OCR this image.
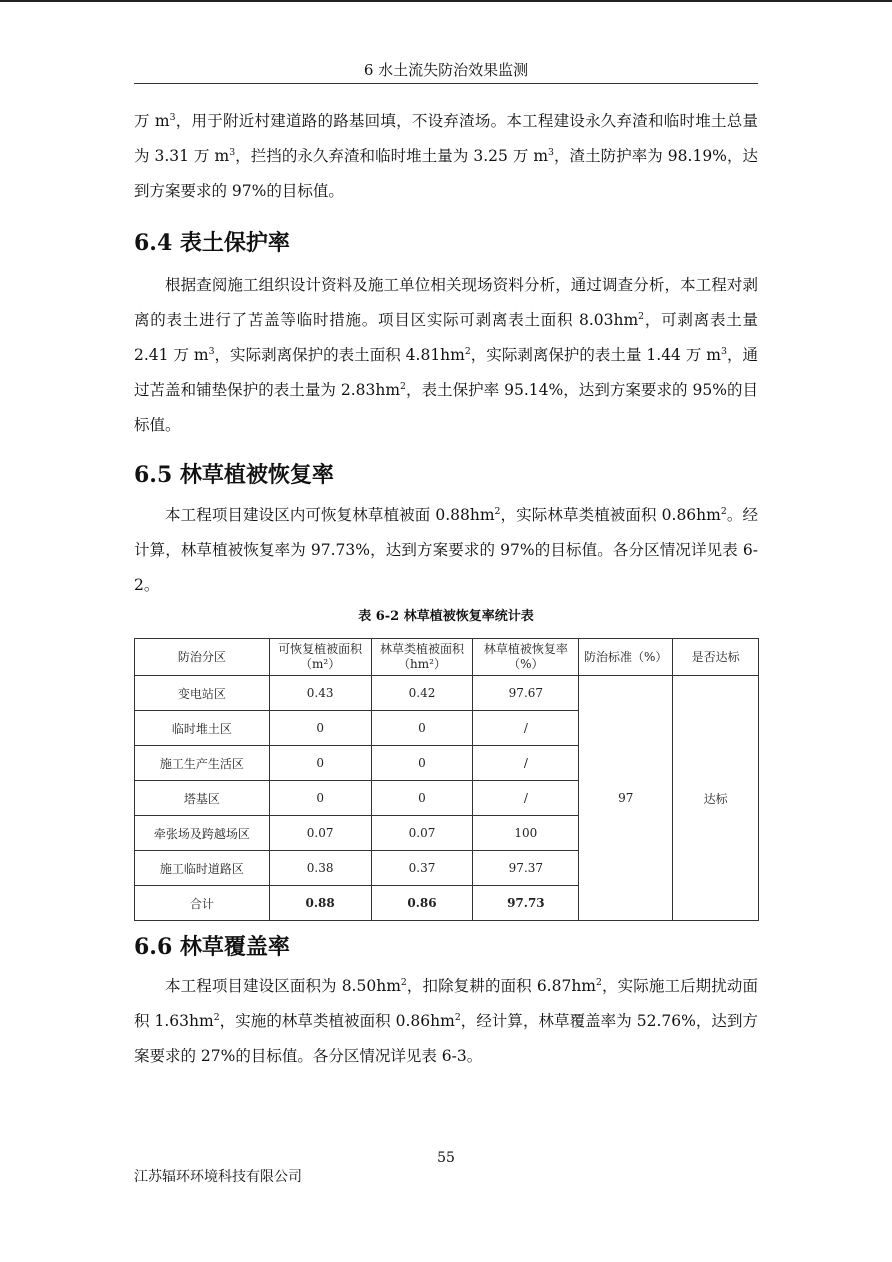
6 水土流失防治效果监测

万 $m^3$，用于附近村建道路的路基回填，不设弃渣场。本工程建设永久弃渣和临时堆土总量为 3.31 万 $m^3$，拦挡的永久弃渣和临时堆土量为 3.25 万 $m^3$，渣土防护率为 98.19%，达到方案要求的 97%的目标值。

6.4 表土保护率

根据查阅施工组织设计资料及施工单位相关现场资料分析，通过调查分析，本工程对剥离的表土进行了苫盖等临时措施。项目区实际可剥离表土面积 $8.03hm^2$，可剥离表土量 2.41 万 $m^3$，实际剥离保护的表土面积 $4.81hm^2$，实际剥离保护的表土量 1.44 万 $m^3$，通过苫盖和铺垫保护的表土量为 $2.83hm^2$，表土保护率 95.14%，达到方案要求的 95%的目标值。

6.5 林草植被恢复率

本工程项目建设区内可恢复林草植被面 $0.88hm^2$，实际林草类植被面积 $0.86hm^2$。经计算，林草植被恢复率为 97.73%，达到方案要求的 97%的目标值。各分区情况详见表 6-2。

表 6-2 林草植被恢复率统计表
防治分区	可恢复植被面积（m²）	林草类植被面积（hm²）	林草植被恢复率（%）	防治标准（%）	是否达标
变电站区	0.43	0.42	97.67	97	达标
临时堆土区	0	0	/		
施工生产生活区	0	0	/		
塔基区	0	0	/		
牵张场及跨越场区	0.07	0.07	100		
施工临时道路区	0.38	0.37	97.37		
合计	0.88	0.86	97.73		
6.6 林草覆盖率

本工程项目建设区面积为 $8.50hm^2$，扣除复耕的面积 $6.87hm^2$，实际施工后期扰动面积 $1.63hm^2$，实施的林草类植被面积 $0.86hm^2$，经计算，林草覆盖率为 52.76%，达到方案要求的 27%的目标值。各分区情况详见表 6-3。

55
江苏辐环环境科技有限公司
